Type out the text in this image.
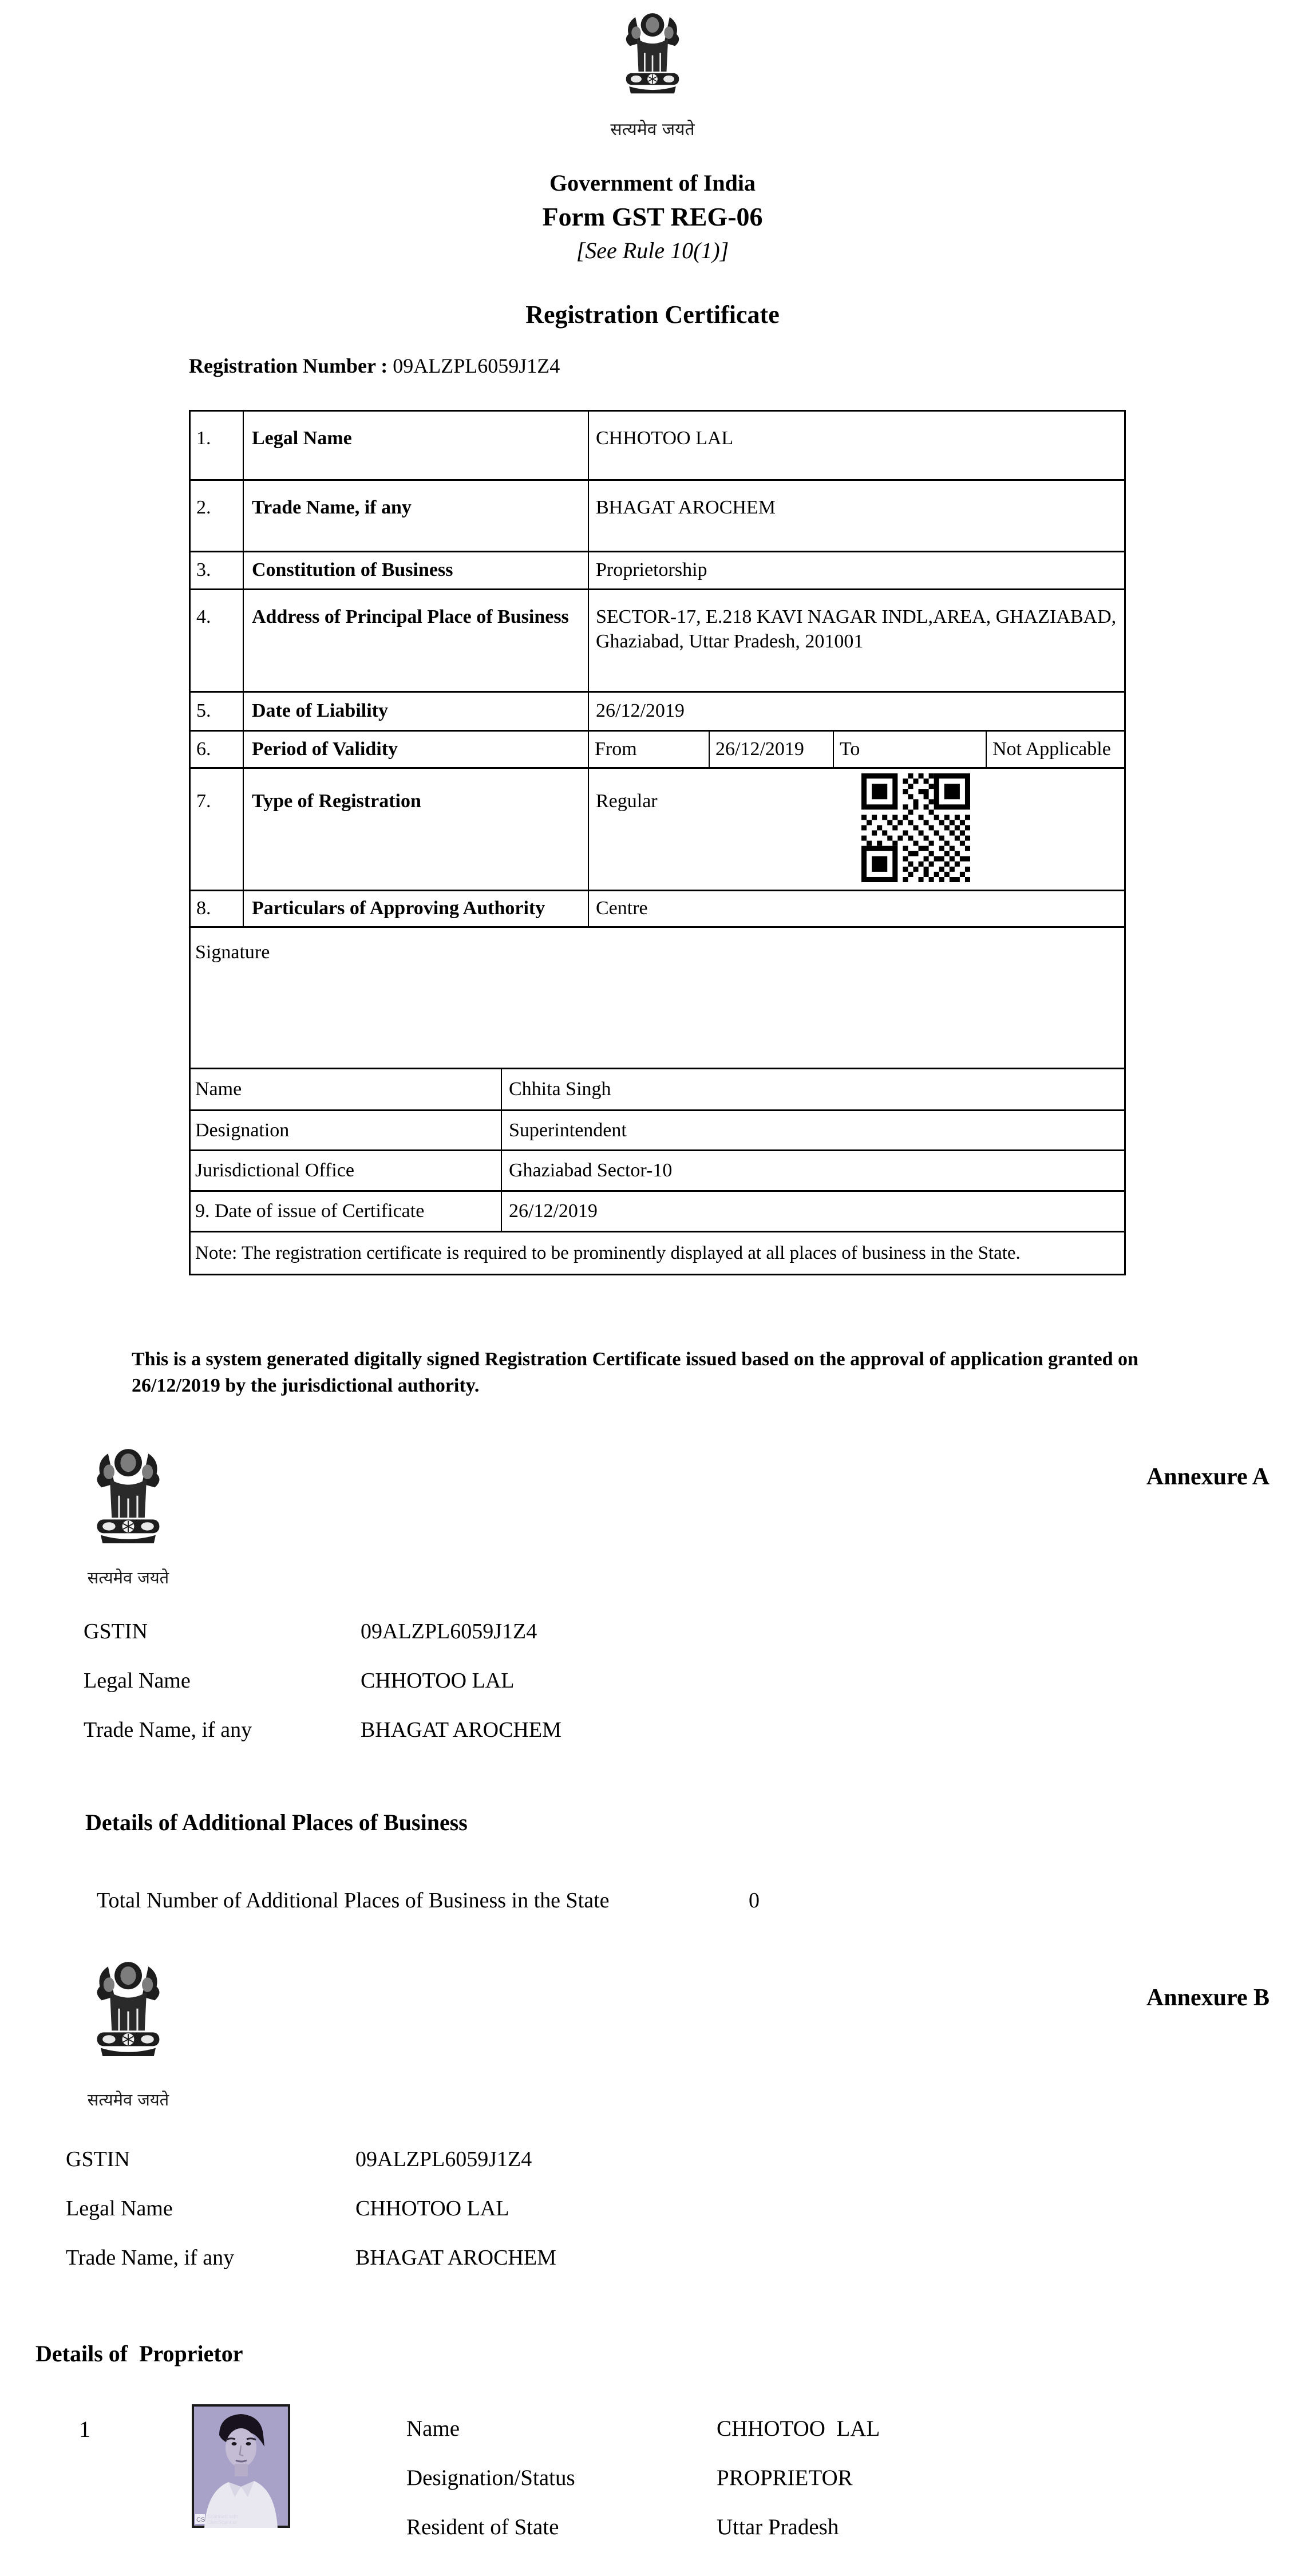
सत्यमेव जयते
Government of India
Form GST REG-06
[See Rule 10(1)]
Registration Certificate
Registration Number : 09ALZPL6059J1Z4
1.	Legal Name	CHHOTOO LAL
2.	Trade Name, if any	BHAGAT AROCHEM
3.	Constitution of Business	Proprietorship
4.	Address of Principal Place of Business	SECTOR-17, E.218 KAVI NAGAR INDL,AREA, GHAZIABAD, Ghaziabad, Uttar Pradesh, 201001
5.	Date of Liability	26/12/2019
6.	Period of Validity	From	26/12/2019	To	Not Applicable
7.	Type of Registration	Regular
8.	Particulars of Approving Authority	Centre
Signature
Name	Chhita Singh
Designation	Superintendent
Jurisdictional Office	Ghaziabad Sector-10
9. Date of issue of Certificate	26/12/2019
Note: The registration certificate is required to be prominently displayed at all places of business in the State.

This is a system generated digitally signed Registration Certificate issued based on the approval of application granted on 26/12/2019 by the jurisdictional authority.

सत्यमेव जयते
Annexure A
GSTIN	09ALZPL6059J1Z4
Legal Name	CHHOTOO LAL
Trade Name, if any	BHAGAT AROCHEM
Details of Additional Places of Business
Total Number of Additional Places of Business in the State	0
सत्यमेव जयते
Annexure B
GSTIN	09ALZPL6059J1Z4
Legal Name	CHHOTOO LAL
Trade Name, if any	BHAGAT AROCHEM
Details of  Proprietor
1
CS Scanned with
CamScanner
Name	CHHOTOO  LAL
Designation/Status	PROPRIETOR
Resident of State	Uttar Pradesh
